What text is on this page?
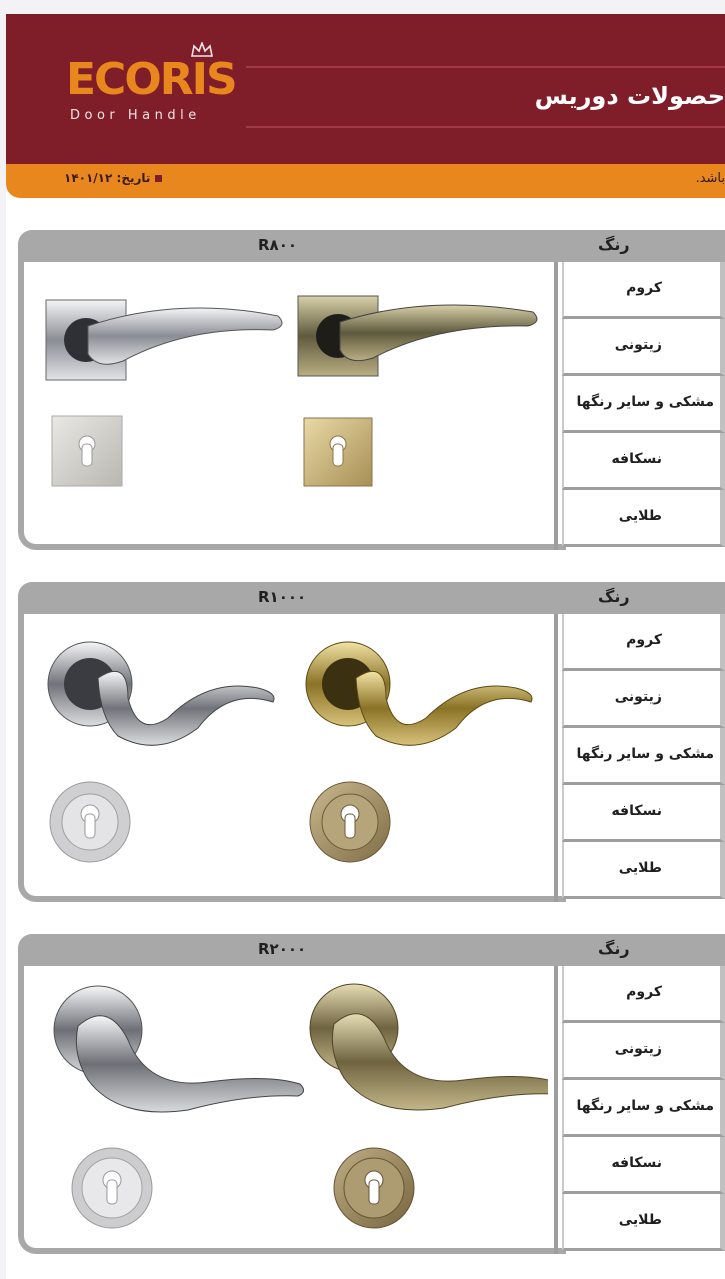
ECORIS
Door Handle
حصولات دوریس
تاریخ: ۱۴۰۱/۱۲	باشد.
R۸۰۰	رنگ
کروم
زیتونی
مشکی و سایر رنگها
نسکافه
طلایی
R۱۰۰۰	رنگ
کروم
زیتونی
مشکی و سایر رنگها
نسکافه
طلایی
R۲۰۰۰	رنگ
کروم
زیتونی
مشکی و سایر رنگها
نسکافه
طلایی
